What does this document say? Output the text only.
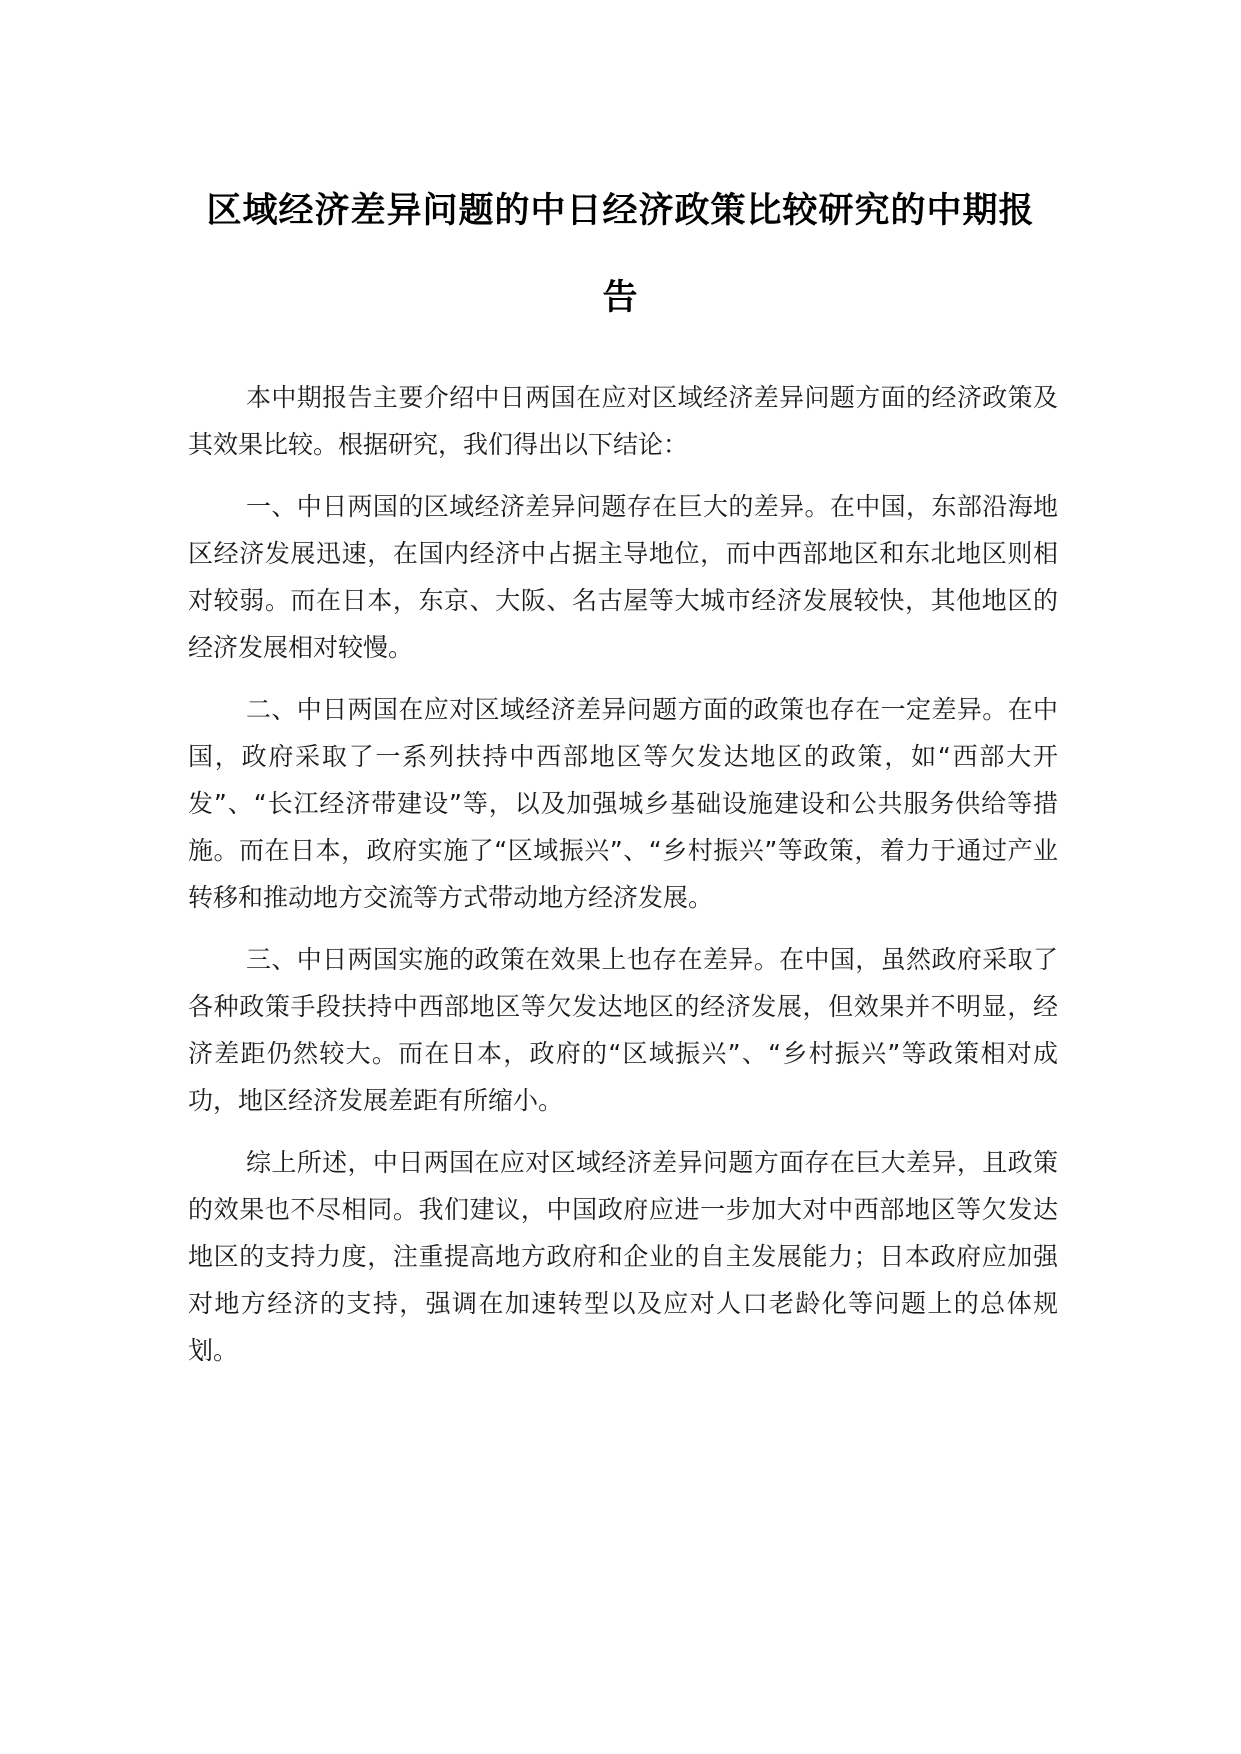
区域经济差异问题的中日经济政策比较研究的中期报告

本中期报告主要介绍中日两国在应对区域经济差异问题方面的经济政策及其效果比较。根据研究，我们得出以下结论：

一、中日两国的区域经济差异问题存在巨大的差异。在中国，东部沿海地区经济发展迅速，在国内经济中占据主导地位，而中西部地区和东北地区则相对较弱。而在日本，东京、大阪、名古屋等大城市经济发展较快，其他地区的经济发展相对较慢。

二、中日两国在应对区域经济差异问题方面的政策也存在一定差异。在中国，政府采取了一系列扶持中西部地区等欠发达地区的政策，如“西部大开发”、“长江经济带建设”等，以及加强城乡基础设施建设和公共服务供给等措施。而在日本，政府实施了“区域振兴”、“乡村振兴”等政策，着力于通过产业转移和推动地方交流等方式带动地方经济发展。

三、中日两国实施的政策在效果上也存在差异。在中国，虽然政府采取了各种政策手段扶持中西部地区等欠发达地区的经济发展，但效果并不明显，经济差距仍然较大。而在日本，政府的“区域振兴”、“乡村振兴”等政策相对成功，地区经济发展差距有所缩小。

综上所述，中日两国在应对区域经济差异问题方面存在巨大差异，且政策的效果也不尽相同。我们建议，中国政府应进一步加大对中西部地区等欠发达地区的支持力度，注重提高地方政府和企业的自主发展能力；日本政府应加强对地方经济的支持，强调在加速转型以及应对人口老龄化等问题上的总体规划。
